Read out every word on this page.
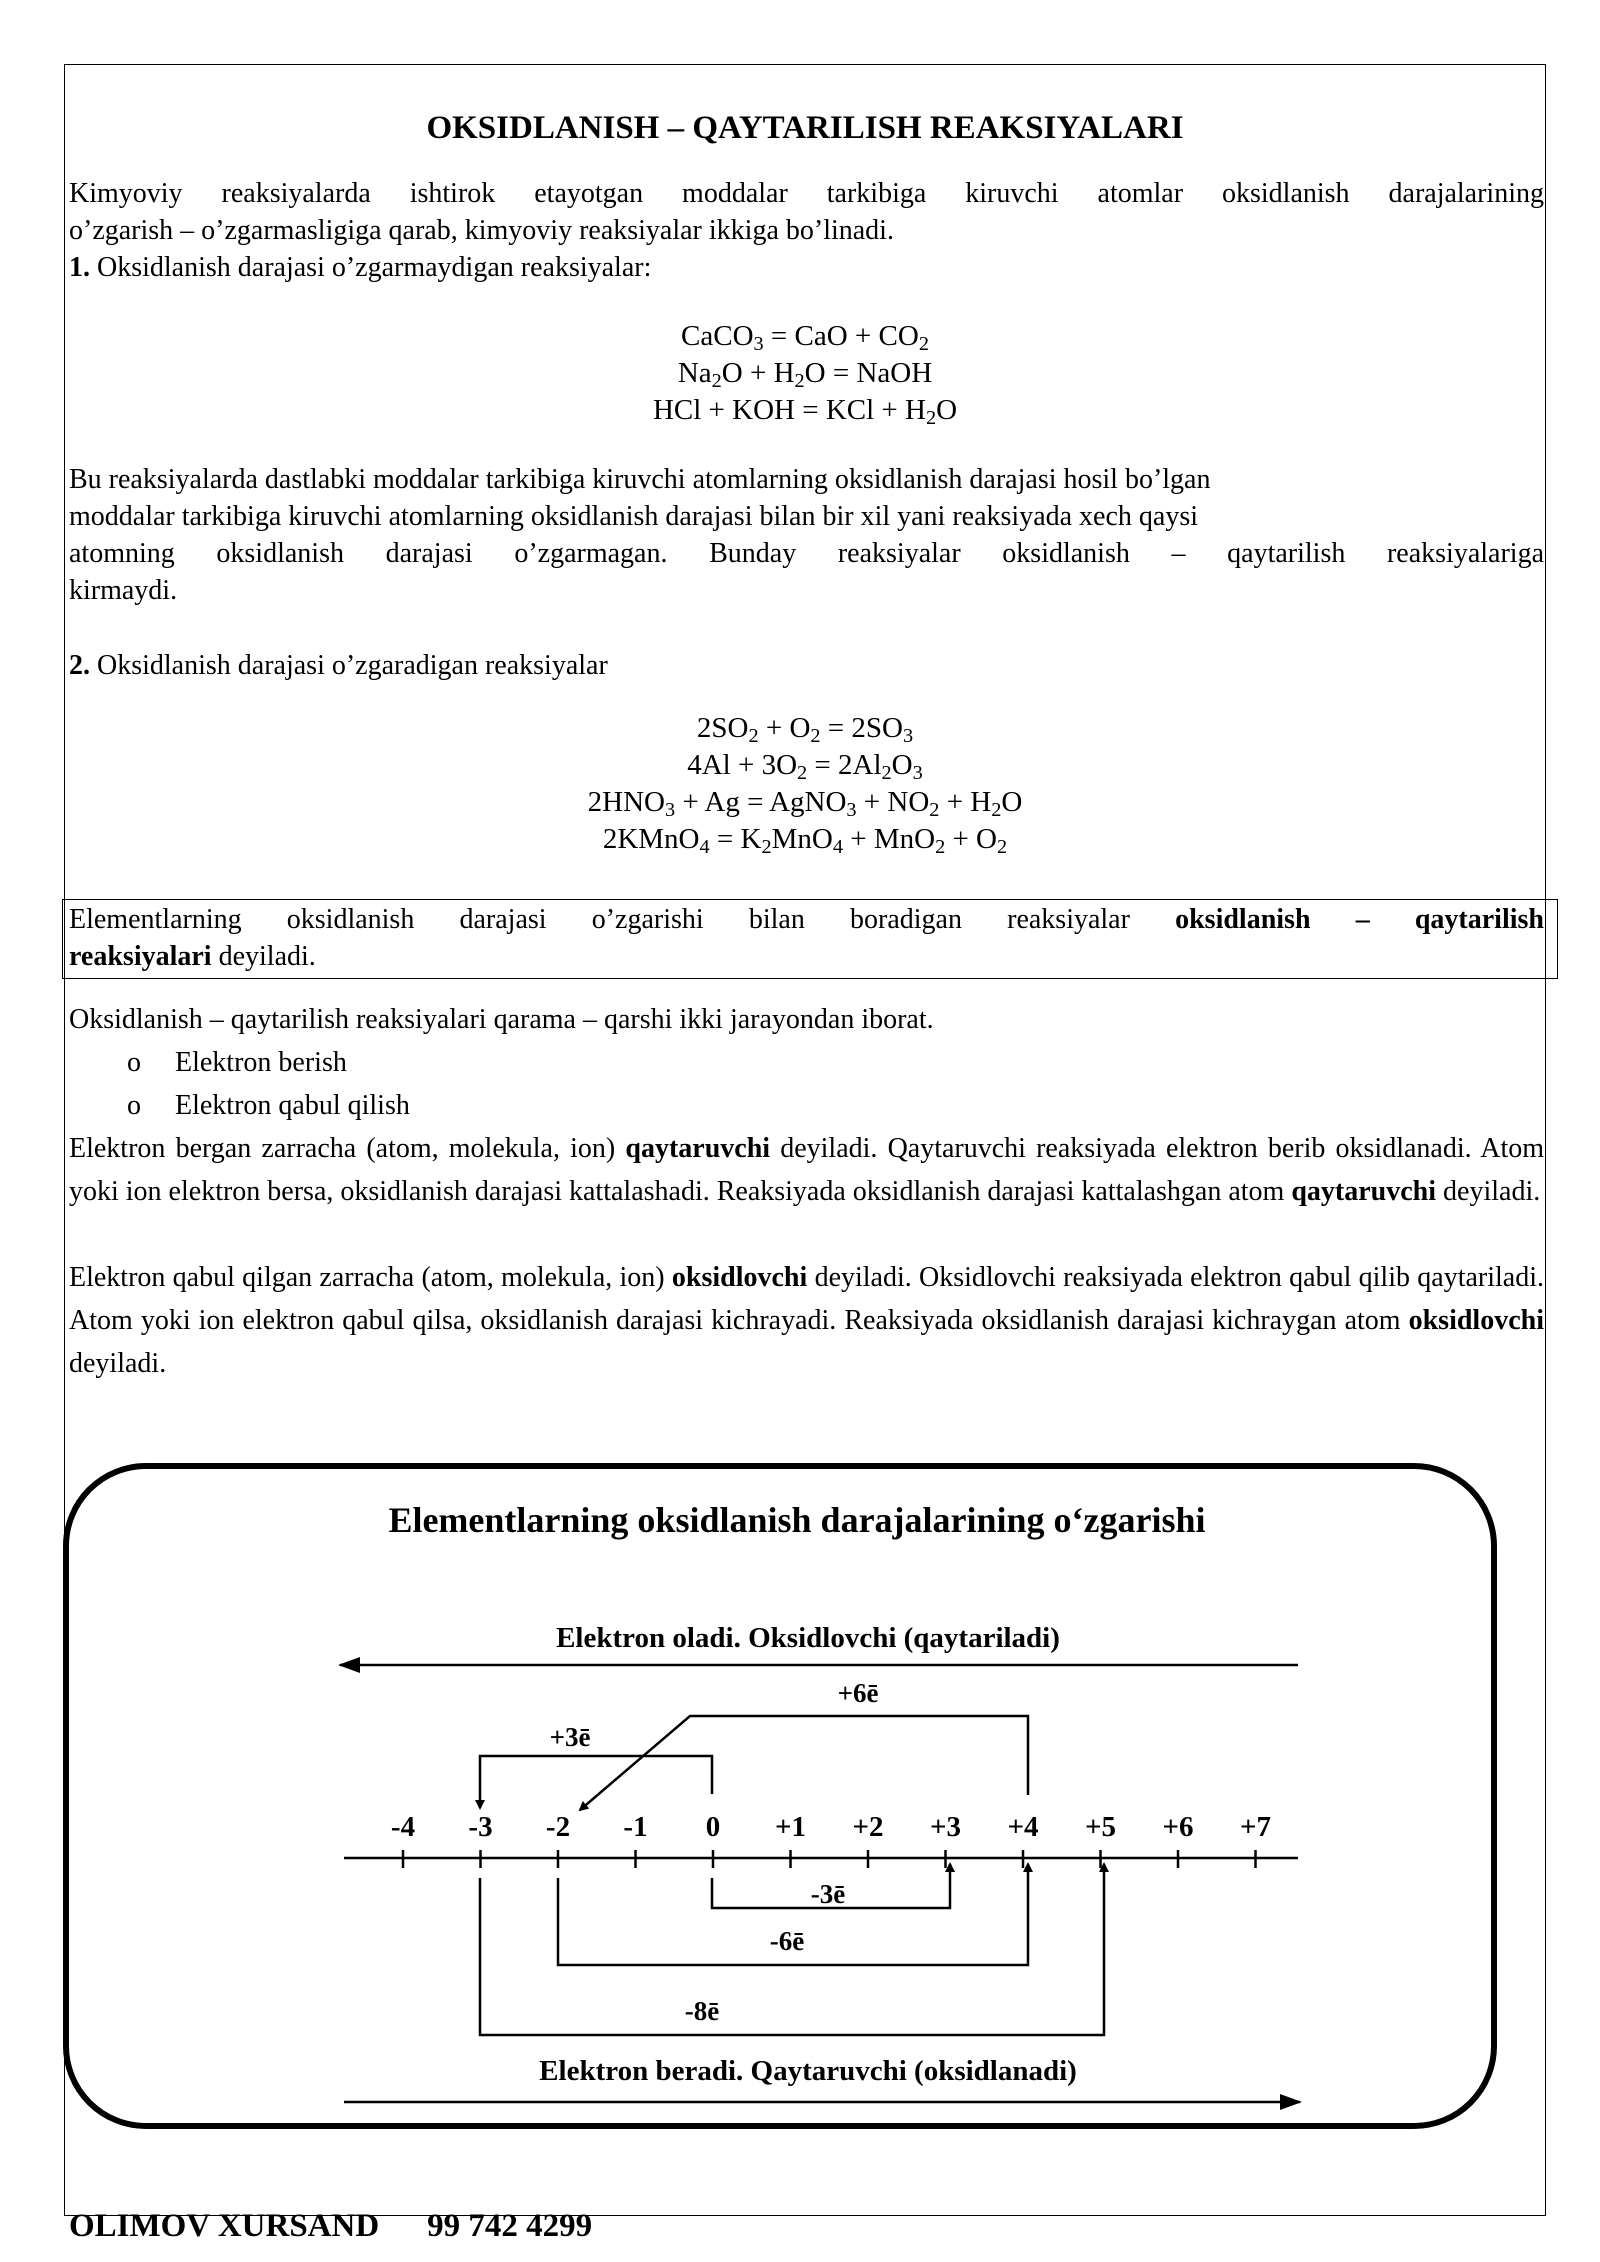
OKSIDLANISH – QAYTARILISH REAKSIYALARI
Kimyoviy reaksiyalarda ishtirok etayotgan moddalar tarkibiga kiruvchi atomlar oksidlanish darajalarining
o’zgarish – o’zgarmasligiga qarab, kimyoviy reaksiyalar ikkiga bo’linadi.
1. Oksidlanish darajasi o’zgarmaydigan reaksiyalar:
CaCO$_3$ = CaO + $CO_2$
$Na_2O + H_2O$ = NaOH
HCl + KOH = KCl + $H_2O$
Bu reaksiyalarda dastlabki moddalar tarkibiga kiruvchi atomlarning oksidlanish darajasi hosil bo’lgan
moddalar tarkibiga kiruvchi atomlarning oksidlanish darajasi bilan bir xil yani reaksiyada xech qaysi
atomning oksidlanish darajasi o’zgarmagan. Bunday reaksiyalar oksidlanish – qaytarilish reaksiyalariga
kirmaydi.
2. Oksidlanish darajasi o’zgaradigan reaksiyalar
$2SO_2 + O_2 = 2SO_3$
$4Al + 3O_2 = 2Al_2O_3$
$2HNO_3 + Ag$ = AgNO$_3$ + $NO_2 + H_2O$
2KMnO$_4$ = $K_2MnO_4 + MnO_2 + O_2$
Elementlarning oksidlanish darajasi o’zgarishi bilan boradigan reaksiyalar oksidlanish – qaytarilish
reaksiyalari deyiladi.
Oksidlanish – qaytarilish reaksiyalari qarama – qarshi ikki jarayondan iborat.
o	Elektron berish
o	Elektron qabul qilish
Elektron bergan zarracha (atom, molekula, ion) qaytaruvchi deyiladi. Qaytaruvchi reaksiyada elektron berib oksidlanadi. Atom yoki ion elektron bersa, oksidlanish darajasi kattalashadi. Reaksiyada oksidlanish darajasi kattalashgan atom qaytaruvchi deyiladi.
Elektron qabul qilgan zarracha (atom, molekula, ion) oksidlovchi deyiladi. Oksidlovchi reaksiyada elektron qabul qilib qaytariladi. Atom yoki ion elektron qabul qilsa, oksidlanish darajasi kichrayadi. Reaksiyada oksidlanish darajasi kichraygan atom oksidlovchi deyiladi.
Elementlarning oksidlanish darajalarining o‘zgarishi
Elektron oladi. Oksidlovchi (qaytariladi)
+6ē
+3ē
-4 -3 -2 -1 0 +1 +2 +3 +4 +5 +6 +7
-3ē
-6ē
-8ē
Elektron beradi. Qaytaruvchi (oksidlanadi)
OLIMOV XURSAND 99 742 4299
